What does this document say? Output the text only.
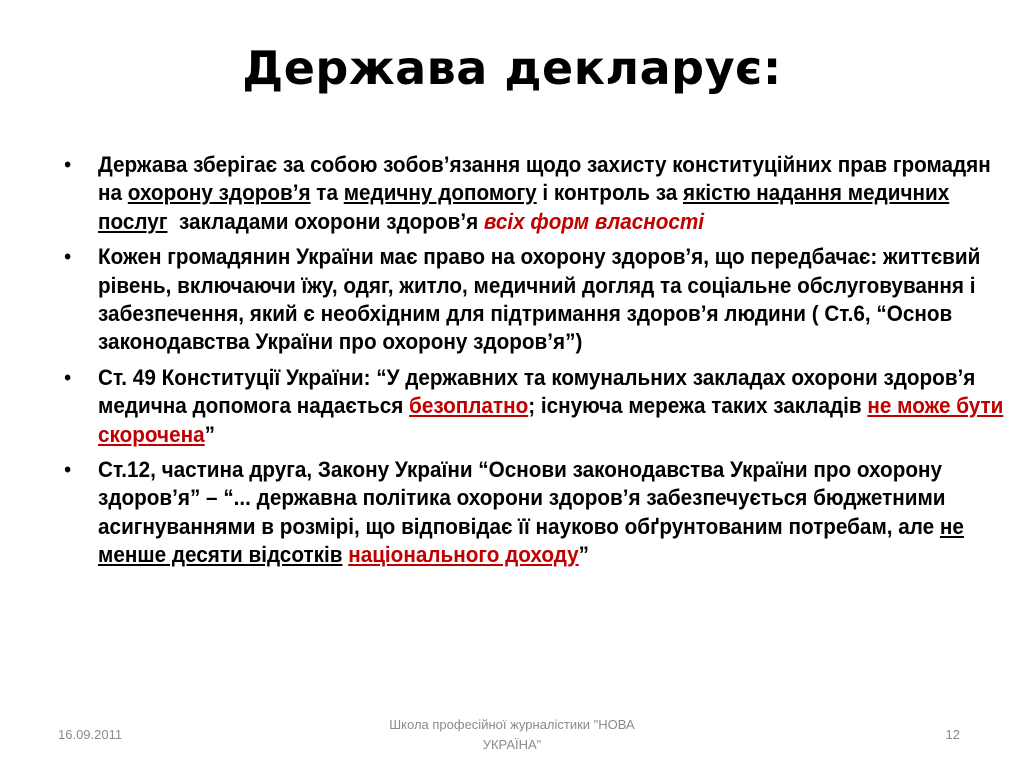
Держава декларує:
• Держава зберігає за собою зобов’язання щодо захисту конституційних прав громадян на охорону здоров’я та медичну допомогу і контроль за якістю надання медичних послуг  закладами охорони здоров’я всіх форм власності
• Кожен громадянин України має право на охорону здоров’я, що передбачає: життєвий рівень, включаючи їжу, одяг, житло, медичний догляд та соціальне обслуговування і забезпечення, який є необхідним для підтримання здоров’я людини ( Ст.6, “Основ законодавства України про охорону здоров’я”)
• Ст. 49 Конституції України: “У державних та комунальних закладах охорони здоров’я медична допомога надається безоплатно; існуюча мережа таких закладів не може бути скорочена”
• Ст.12, частина друга, Закону України “Основи законодавства України про охорону здоров’я” – “... державна політика охорони здоров’я забезпечується бюджетними асигнуваннями в розмірі, що відповідає її науково обґрунтованим потребам, але не менше десяти відсотків національного доходу”
16.09.2011
Школа професійної журналістики "НОВА
УКРАЇНА"
12
